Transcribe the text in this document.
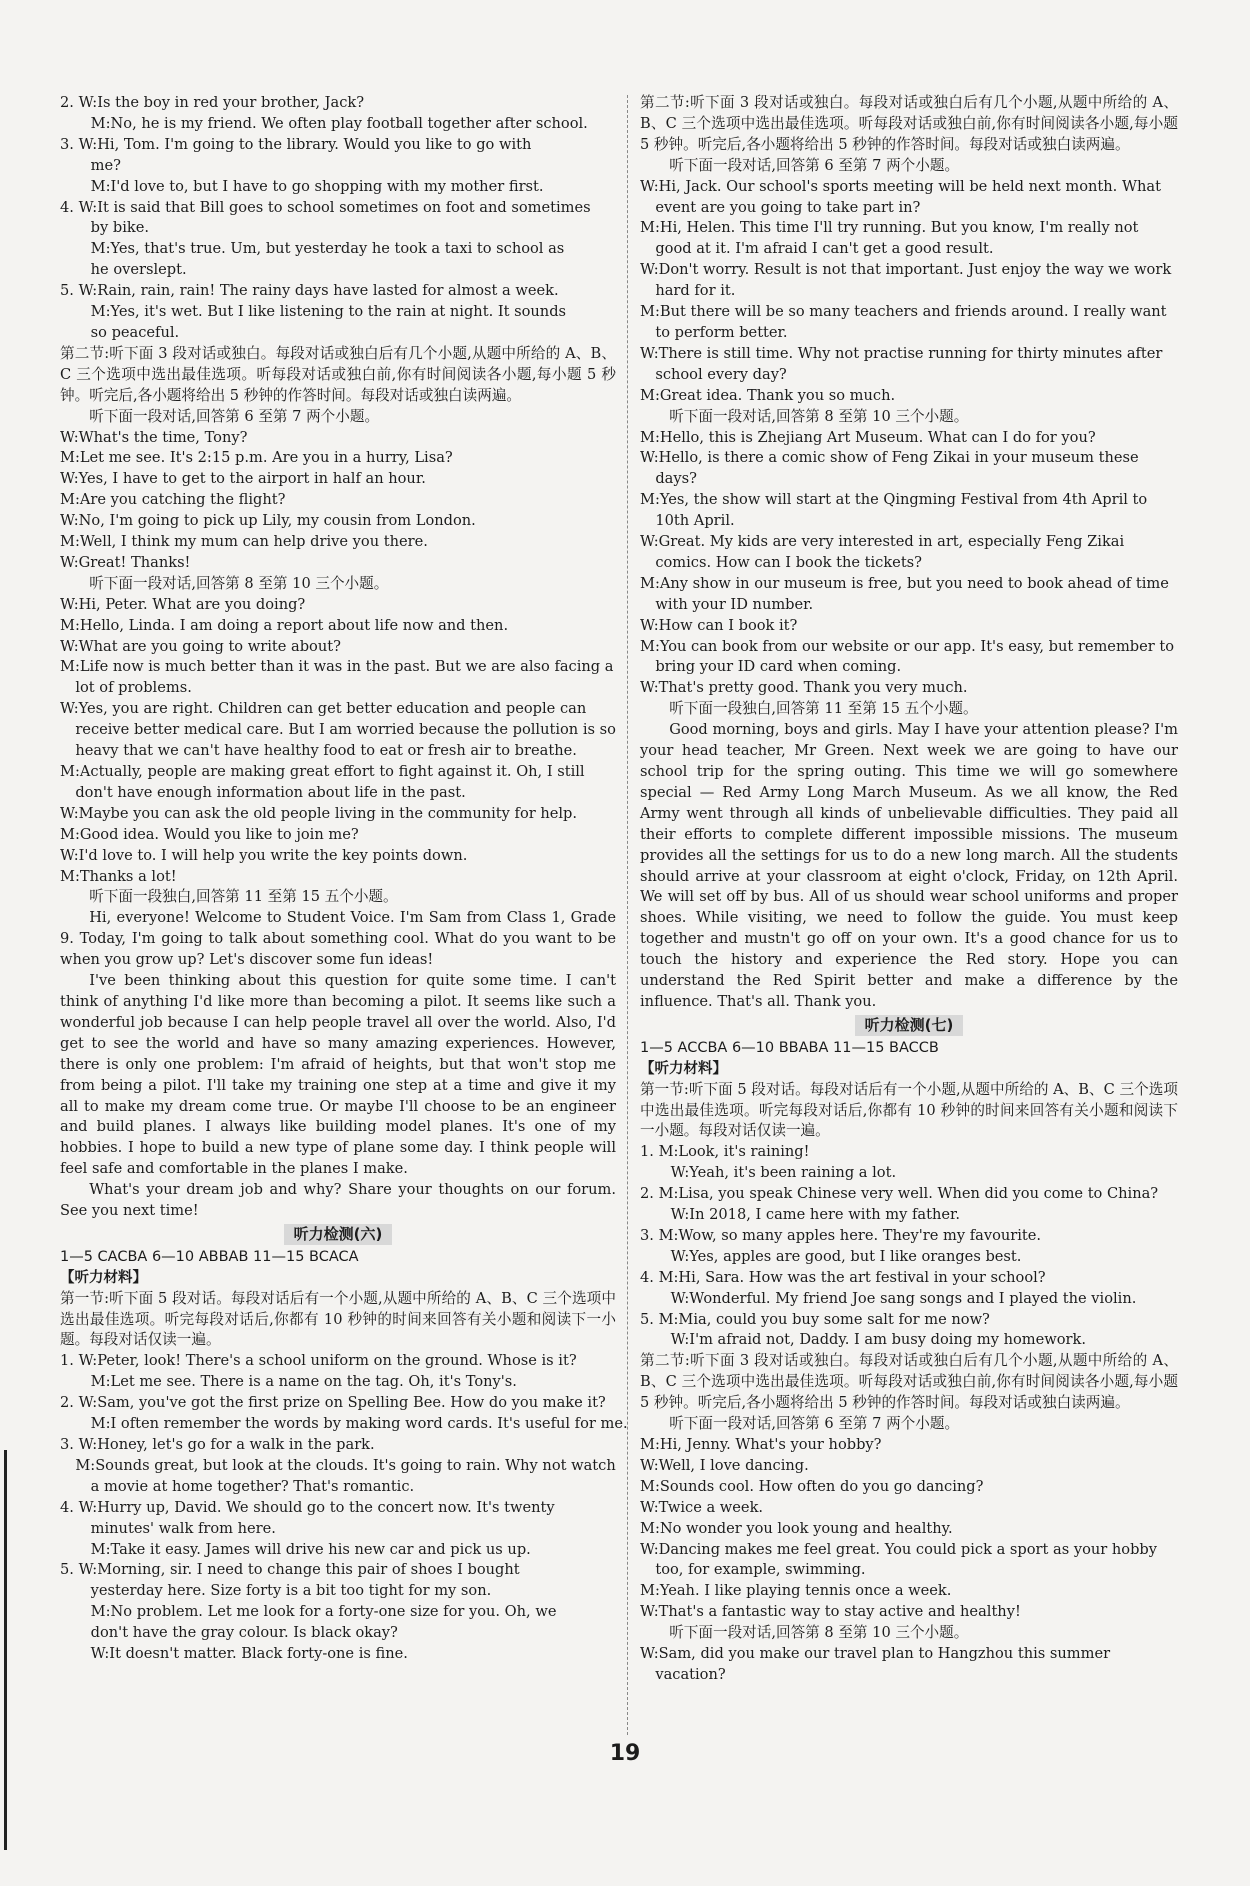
2. W:Is the boy in red your brother, Jack?
M:No, he is my friend. We often play football together after school.
3. W:Hi, Tom. I'm going to the library. Would you like to go with
me?
M:I'd love to, but I have to go shopping with my mother first.
4. W:It is said that Bill goes to school sometimes on foot and sometimes
by bike.
M:Yes, that's true. Um, but yesterday he took a taxi to school as
he overslept.
5. W:Rain, rain, rain! The rainy days have lasted for almost a week.
M:Yes, it's wet. But I like listening to the rain at night. It sounds
so peaceful.
第二节:听下面 3 段对话或独白。每段对话或独白后有几个小题,从题中所给的 A、B、C 三个选项中选出最佳选项。听每段对话或独白前,你有时间阅读各小题,每小题 5 秒钟。听完后,各小题将给出 5 秒钟的作答时间。每段对话或独白读两遍。
听下面一段对话,回答第 6 至第 7 两个小题。
W:What's the time, Tony?
M:Let me see. It's 2:15 p.m. Are you in a hurry, Lisa?
W:Yes, I have to get to the airport in half an hour.
M:Are you catching the flight?
W:No, I'm going to pick up Lily, my cousin from London.
M:Well, I think my mum can help drive you there.
W:Great! Thanks!
听下面一段对话,回答第 8 至第 10 三个小题。
W:Hi, Peter. What are you doing?
M:Hello, Linda. I am doing a report about life now and then.
W:What are you going to write about?
M:Life now is much better than it was in the past. But we are also facing a lot of problems.
W:Yes, you are right. Children can get better education and people can receive better medical care. But I am worried because the pollution is so heavy that we can't have healthy food to eat or fresh air to breathe.
M:Actually, people are making great effort to fight against it. Oh, I still don't have enough information about life in the past.
W:Maybe you can ask the old people living in the community for help.
M:Good idea. Would you like to join me?
W:I'd love to. I will help you write the key points down.
M:Thanks a lot!
听下面一段独白,回答第 11 至第 15 五个小题。
Hi, everyone! Welcome to Student Voice. I'm Sam from Class 1, Grade 9. Today, I'm going to talk about something cool. What do you want to be when you grow up? Let's discover some fun ideas!
I've been thinking about this question for quite some time. I can't think of anything I'd like more than becoming a pilot. It seems like such a wonderful job because I can help people travel all over the world. Also, I'd get to see the world and have so many amazing experiences. However, there is only one problem: I'm afraid of heights, but that won't stop me from being a pilot. I'll take my training one step at a time and give it my all to make my dream come true. Or maybe I'll choose to be an engineer and build planes. I always like building model planes. It's one of my hobbies. I hope to build a new type of plane some day. I think people will feel safe and comfortable in the planes I make.
What's your dream job and why? Share your thoughts on our forum. See you next time!
听力检测(六)
1—5 CACBA 6—10 ABBAB 11—15 BCACA
【听力材料】
第一节:听下面 5 段对话。每段对话后有一个小题,从题中所给的 A、B、C 三个选项中选出最佳选项。听完每段对话后,你都有 10 秒钟的时间来回答有关小题和阅读下一小题。每段对话仅读一遍。
1. W:Peter, look! There's a school uniform on the ground. Whose is it?
M:Let me see. There is a name on the tag. Oh, it's Tony's.
2. W:Sam, you've got the first prize on Spelling Bee. How do you make it?
M:I often remember the words by making word cards. It's useful for me.
3. W:Honey, let's go for a walk in the park.
M:Sounds great, but look at the clouds. It's going to rain. Why not watch a movie at home together? That's romantic.
4. W:Hurry up, David. We should go to the concert now. It's twenty
minutes' walk from here.
M:Take it easy. James will drive his new car and pick us up.
5. W:Morning, sir. I need to change this pair of shoes I bought
yesterday here. Size forty is a bit too tight for my son.
M:No problem. Let me look for a forty-one size for you. Oh, we
don't have the gray colour. Is black okay?
W:It doesn't matter. Black forty-one is fine.
第二节:听下面 3 段对话或独白。每段对话或独白后有几个小题,从题中所给的 A、B、C 三个选项中选出最佳选项。听每段对话或独白前,你有时间阅读各小题,每小题 5 秒钟。听完后,各小题将给出 5 秒钟的作答时间。每段对话或独白读两遍。
听下面一段对话,回答第 6 至第 7 两个小题。
W:Hi, Jack. Our school's sports meeting will be held next month. What event are you going to take part in?
M:Hi, Helen. This time I'll try running. But you know, I'm really not good at it. I'm afraid I can't get a good result.
W:Don't worry. Result is not that important. Just enjoy the way we work hard for it.
M:But there will be so many teachers and friends around. I really want to perform better.
W:There is still time. Why not practise running for thirty minutes after school every day?
M:Great idea. Thank you so much.
听下面一段对话,回答第 8 至第 10 三个小题。
M:Hello, this is Zhejiang Art Museum. What can I do for you?
W:Hello, is there a comic show of Feng Zikai in your museum these days?
M:Yes, the show will start at the Qingming Festival from 4th April to 10th April.
W:Great. My kids are very interested in art, especially Feng Zikai comics. How can I book the tickets?
M:Any show in our museum is free, but you need to book ahead of time with your ID number.
W:How can I book it?
M:You can book from our website or our app. It's easy, but remember to bring your ID card when coming.
W:That's pretty good. Thank you very much.
听下面一段独白,回答第 11 至第 15 五个小题。
Good morning, boys and girls. May I have your attention please? I'm your head teacher, Mr Green. Next week we are going to have our school trip for the spring outing. This time we will go somewhere special — Red Army Long March Museum. As we all know, the Red Army went through all kinds of unbelievable difficulties. They paid all their efforts to complete different impossible missions. The museum provides all the settings for us to do a new long march. All the students should arrive at your classroom at eight o'clock, Friday, on 12th April. We will set off by bus. All of us should wear school uniforms and proper shoes. While visiting, we need to follow the guide. You must keep together and mustn't go off on your own. It's a good chance for us to touch the history and experience the Red story. Hope you can understand the Red Spirit better and make a difference by the influence. That's all. Thank you.
听力检测(七)
1—5 ACCBA 6—10 BBABA 11—15 BACCB
【听力材料】
第一节:听下面 5 段对话。每段对话后有一个小题,从题中所给的 A、B、C 三个选项中选出最佳选项。听完每段对话后,你都有 10 秒钟的时间来回答有关小题和阅读下一小题。每段对话仅读一遍。
1. M:Look, it's raining!
W:Yeah, it's been raining a lot.
2. M:Lisa, you speak Chinese very well. When did you come to China?
W:In 2018, I came here with my father.
3. M:Wow, so many apples here. They're my favourite.
W:Yes, apples are good, but I like oranges best.
4. M:Hi, Sara. How was the art festival in your school?
W:Wonderful. My friend Joe sang songs and I played the violin.
5. M:Mia, could you buy some salt for me now?
W:I'm afraid not, Daddy. I am busy doing my homework.
第二节:听下面 3 段对话或独白。每段对话或独白后有几个小题,从题中所给的 A、B、C 三个选项中选出最佳选项。听每段对话或独白前,你有时间阅读各小题,每小题 5 秒钟。听完后,各小题将给出 5 秒钟的作答时间。每段对话或独白读两遍。
听下面一段对话,回答第 6 至第 7 两个小题。
M:Hi, Jenny. What's your hobby?
W:Well, I love dancing.
M:Sounds cool. How often do you go dancing?
W:Twice a week.
M:No wonder you look young and healthy.
W:Dancing makes me feel great. You could pick a sport as your hobby too, for example, swimming.
M:Yeah. I like playing tennis once a week.
W:That's a fantastic way to stay active and healthy!
听下面一段对话,回答第 8 至第 10 三个小题。
W:Sam, did you make our travel plan to Hangzhou this summer vacation?
19
